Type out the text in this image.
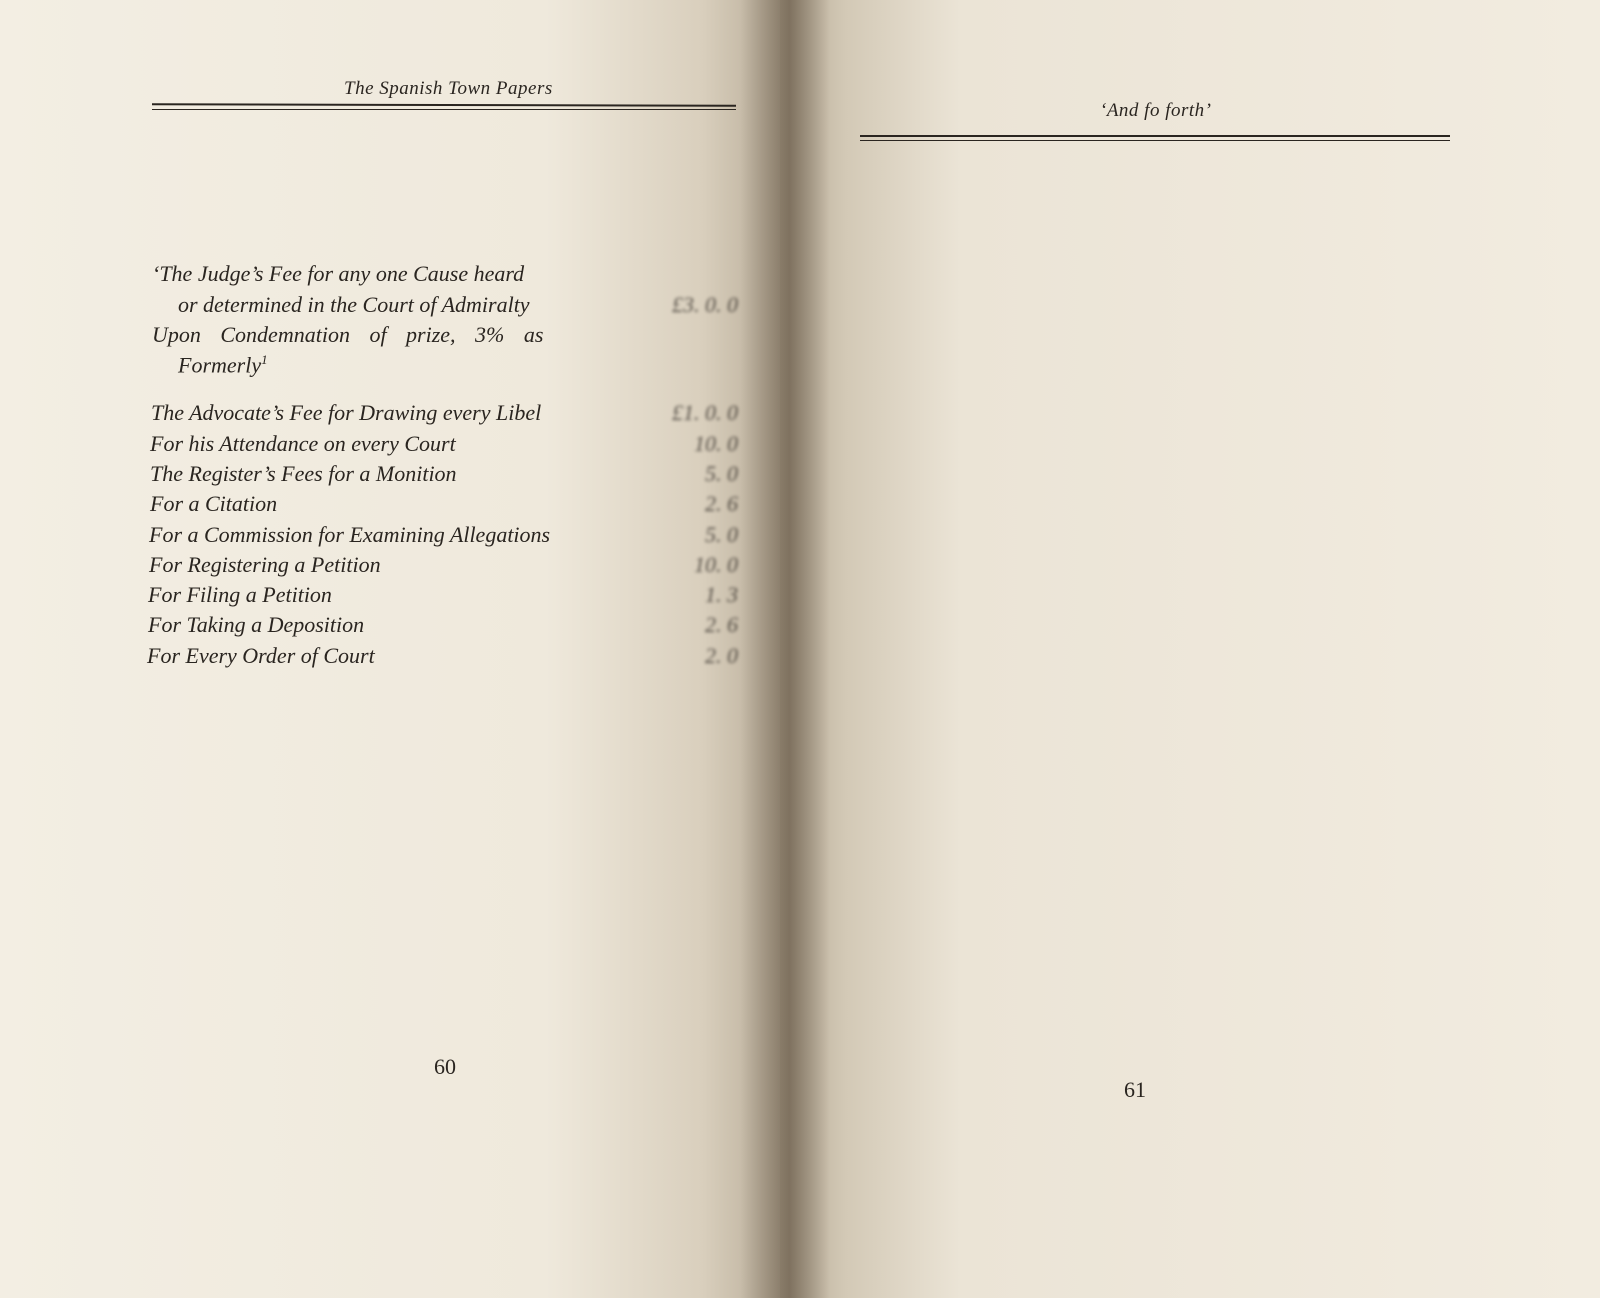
The Spanish Town Papers
‘The Judge’s Fee for any one Cause heard
or determined in the Court of Admiralty	£3. 0. 0
Upon Condemnation of prize, 3% as
Formerly$^1$
The Advocate’s Fee for Drawing every Libel	£1. 0. 0
For his Attendance on every Court	10. 0
The Register’s Fees for a Monition	5. 0
For a Citation	2. 6
For a Commission for Examining Allegations	5. 0
For Registering a Petition	10. 0
For Filing a Petition	1. 3
For Taking a Deposition	2. 6
For Every Order of Court	2. 0
60
‘And fo forth’
61
